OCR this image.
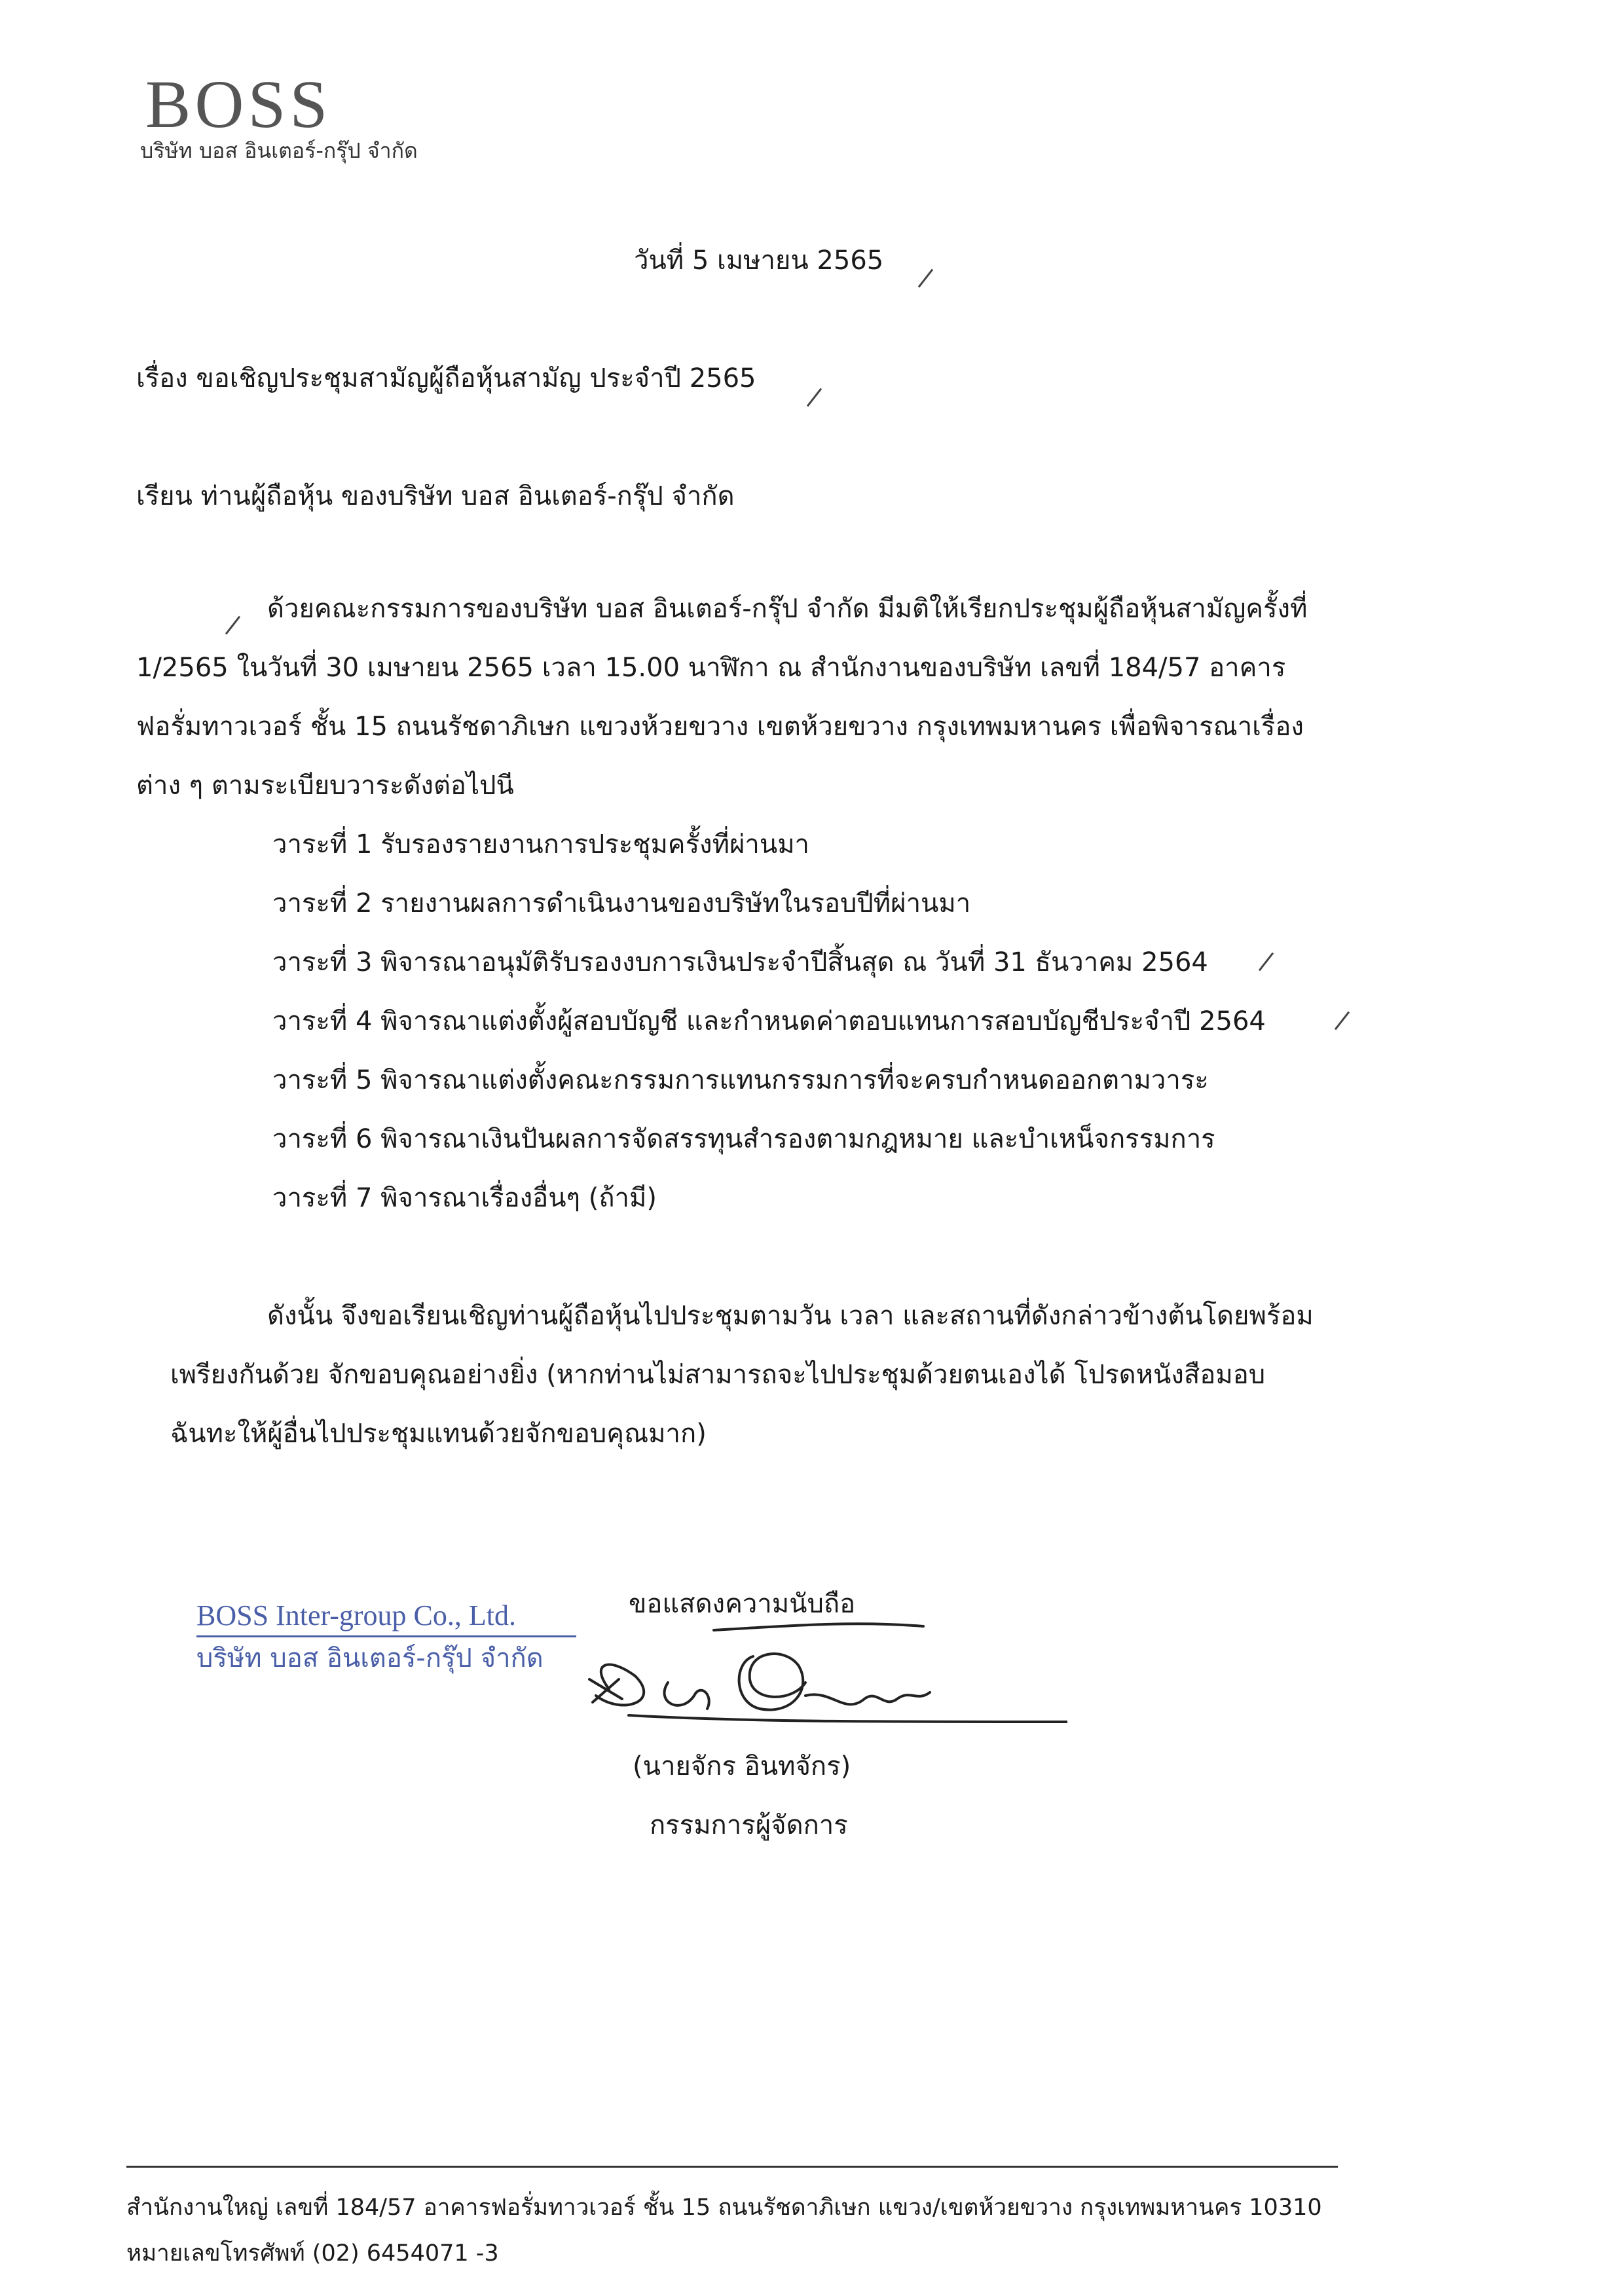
BOSS
บริษัท บอส อินเตอร์-กรุ๊ป จำกัด
วันที่ 5 เมษายน 2565
เรื่อง ขอเชิญประชุมสามัญผู้ถือหุ้นสามัญ ประจำปี 2565
เรียน ท่านผู้ถือหุ้น ของบริษัท บอส อินเตอร์-กรุ๊ป จำกัด
ด้วยคณะกรรมการของบริษัท บอส อินเตอร์-กรุ๊ป จำกัด มีมติให้เรียกประชุมผู้ถือหุ้นสามัญครั้งที่
1/2565 ในวันที่ 30 เมษายน 2565 เวลา 15.00 นาฬิกา ณ สำนักงานของบริษัท เลขที่ 184/57 อาคาร
ฟอรั่มทาวเวอร์ ชั้น 15 ถนนรัชดาภิเษก แขวงห้วยขวาง เขตห้วยขวาง กรุงเทพมหานคร เพื่อพิจารณาเรื่อง
ต่าง ๆ ตามระเบียบวาระดังต่อไปนี
วาระที่ 1 รับรองรายงานการประชุมครั้งที่ผ่านมา
วาระที่ 2 รายงานผลการดำเนินงานของบริษัทในรอบปีที่ผ่านมา
วาระที่ 3 พิจารณาอนุมัติรับรองงบการเงินประจำปีสิ้นสุด ณ วันที่ 31 ธันวาคม 2564
วาระที่ 4 พิจารณาแต่งตั้งผู้สอบบัญชี และกำหนดค่าตอบแทนการสอบบัญชีประจำปี 2564
วาระที่ 5 พิจารณาแต่งตั้งคณะกรรมการแทนกรรมการที่จะครบกำหนดออกตามวาระ
วาระที่ 6 พิจารณาเงินปันผลการจัดสรรทุนสำรองตามกฎหมาย และบำเหน็จกรรมการ
วาระที่ 7 พิจารณาเรื่องอื่นๆ (ถ้ามี)
ดังนั้น จึงขอเรียนเชิญท่านผู้ถือหุ้นไปประชุมตามวัน เวลา และสถานที่ดังกล่าวข้างต้นโดยพร้อม
เพรียงกันด้วย จักขอบคุณอย่างยิ่ง (หากท่านไม่สามารถจะไปประชุมด้วยตนเองได้ โปรดหนังสือมอบ
ฉันทะให้ผู้อื่นไปประชุมแทนด้วยจักขอบคุณมาก)
ขอแสดงความนับถือ
(นายจักร อินทจักร)
กรรมการผู้จัดการ
BOSS Inter-group Co., Ltd.
บริษัท บอส อินเตอร์-กรุ๊ป จำกัด
สำนักงานใหญ่ เลขที่ 184/57 อาคารฟอรั่มทาวเวอร์ ชั้น 15 ถนนรัชดาภิเษก แขวง/เขตห้วยขวาง กรุงเทพมหานคร 10310
หมายเลขโทรศัพท์ (02) 6454071 -3
